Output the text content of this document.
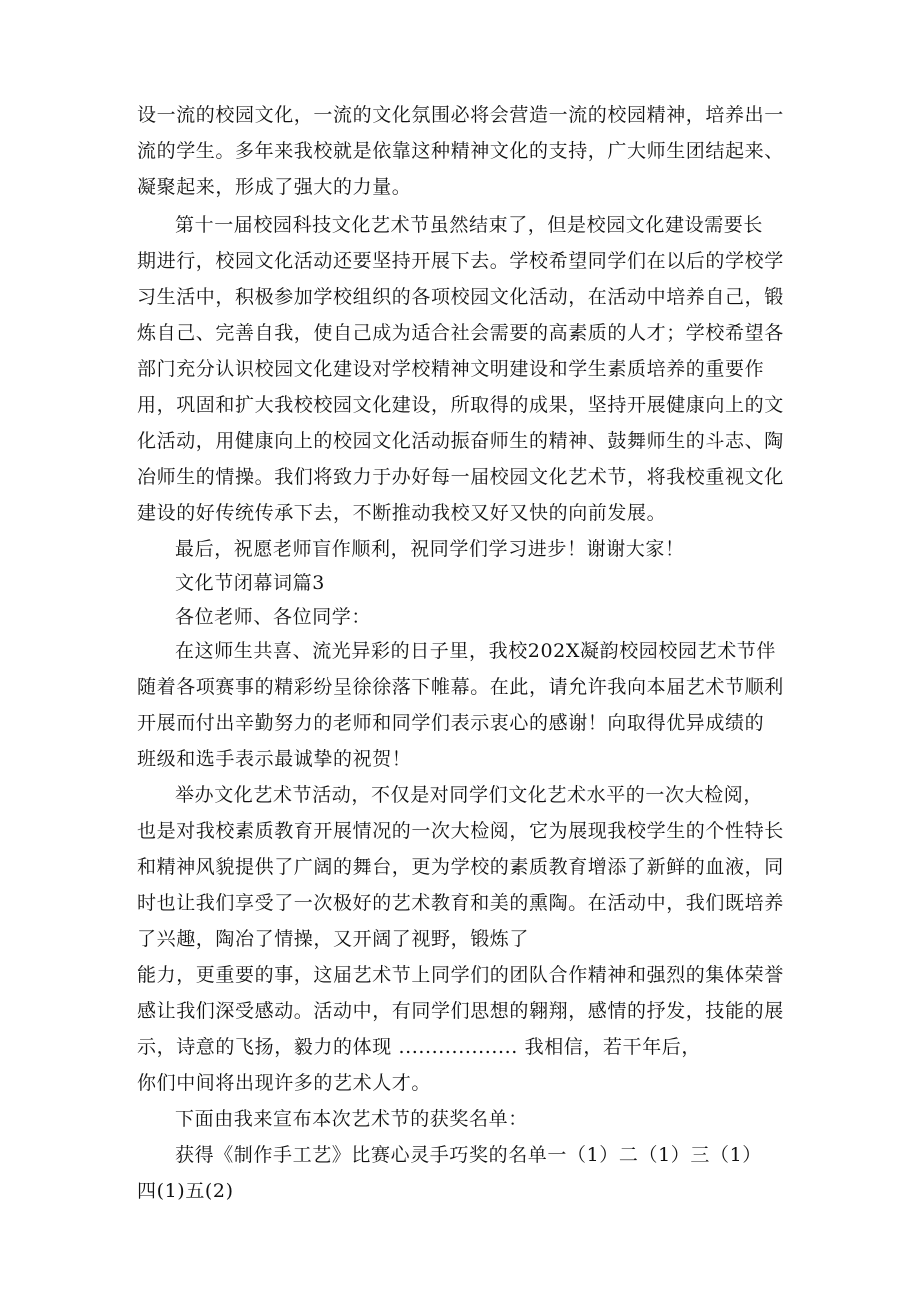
设一流的校园文化，一流的文化氛围必将会营造一流的校园精神，培养出一
流的学生。多年来我校就是依靠这种精神文化的支持，广大师生团结起来、
凝聚起来，形成了强大的力量。
第十一届校园科技文化艺术节虽然结束了，但是校园文化建设需要长
期进行，校园文化活动还要坚持开展下去。学校希望同学们在以后的学校学
习生活中，积极参加学校组织的各项校园文化活动，在活动中培养自己，锻
炼自己、完善自我，使自己成为适合社会需要的高素质的人才；学校希望各
部门充分认识校园文化建设对学校精神文明建设和学生素质培养的重要作
用，巩固和扩大我校校园文化建设，所取得的成果，坚持开展健康向上的文
化活动，用健康向上的校园文化活动振奋师生的精神、鼓舞师生的斗志、陶
冶师生的情操。我们将致力于办好每一届校园文化艺术节，将我校重视文化
建设的好传统传承下去，不断推动我校又好又快的向前发展。
最后，祝愿老师盲作顺利，祝同学们学习进步！谢谢大家！
文化节闭幕词篇3
各位老师、各位同学：
在这师生共喜、流光异彩的日子里，我校202X凝韵校园校园艺术节伴
随着各项赛事的精彩纷呈徐徐落下帷幕。在此，请允许我向本届艺术节顺利
开展而付出辛勤努力的老师和同学们表示衷心的感谢！向取得优异成绩的
班级和选手表示最诚挚的祝贺！
举办文化艺术节活动，不仅是对同学们文化艺术水平的一次大检阅，
也是对我校素质教育开展情况的一次大检阅，它为展现我校学生的个性特长
和精神风貌提供了广阔的舞台，更为学校的素质教育增添了新鲜的血液，同
时也让我们享受了一次极好的艺术教育和美的熏陶。在活动中，我们既培养
了兴趣，陶冶了情操，又开阔了视野，锻炼了
能力，更重要的事，这届艺术节上同学们的团队合作精神和强烈的集体荣誉
感让我们深受感动。活动中，有同学们思想的翱翔，感情的抒发，技能的展
示，诗意的飞扬，毅力的体现 .................. 我相信，若干年后，
你们中间将出现许多的艺术人才。
下面由我来宣布本次艺术节的获奖名单：
获得《制作手工艺》比赛心灵手巧奖的名单一（1）二（1）三（1）
四(1)五(2)
